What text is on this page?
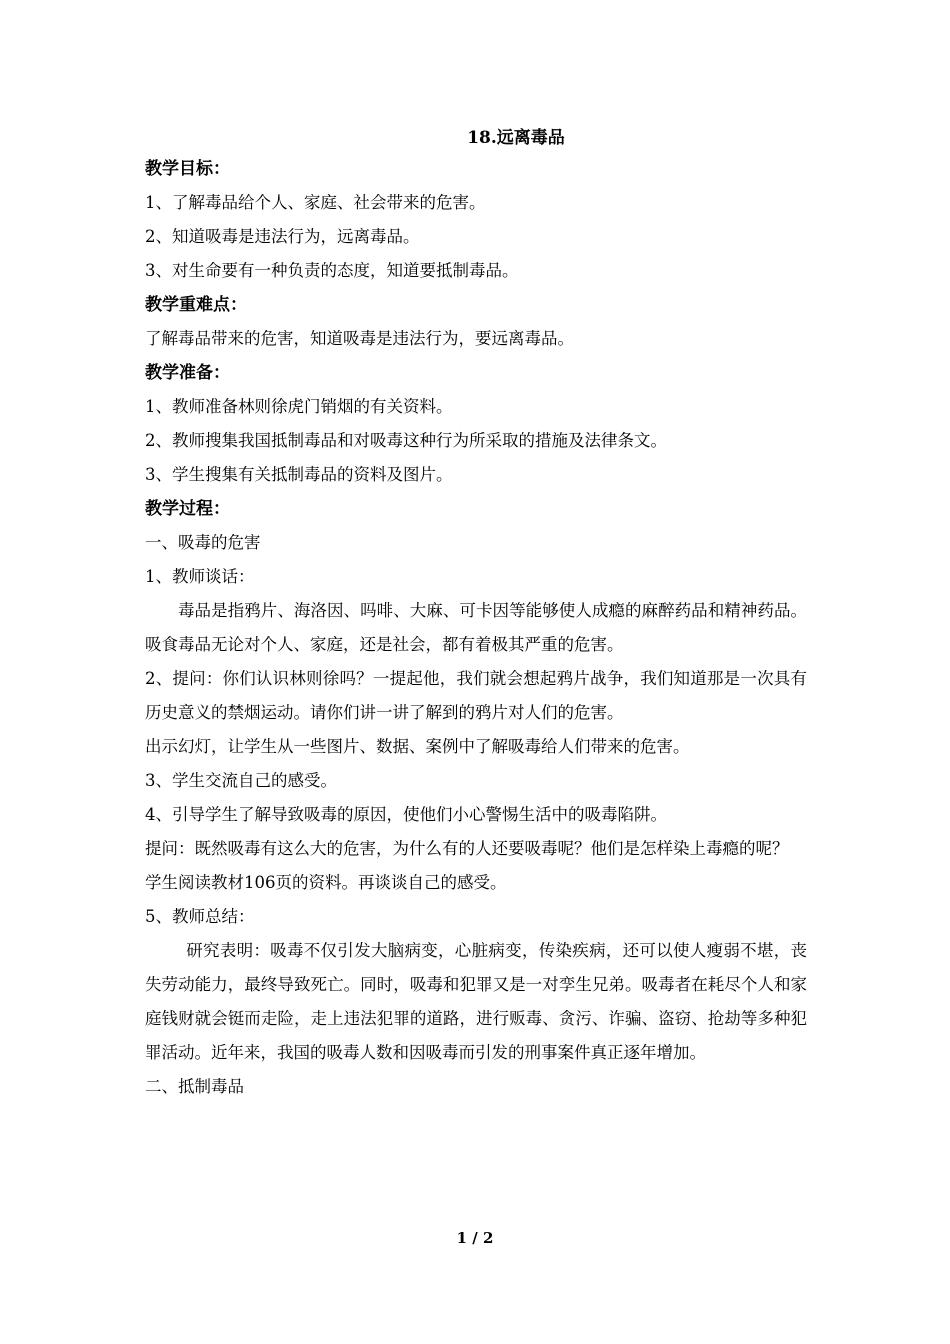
18.远离毒品
教学目标：
1、了解毒品给个人、家庭、社会带来的危害。
2、知道吸毒是违法行为，远离毒品。
3、对生命要有一种负责的态度，知道要抵制毒品。
教学重难点：
了解毒品带来的危害，知道吸毒是违法行为，要远离毒品。
教学准备：
1、教师准备林则徐虎门销烟的有关资料。
2、教师搜集我国抵制毒品和对吸毒这种行为所采取的措施及法律条文。
3、学生搜集有关抵制毒品的资料及图片。
教学过程：
一、吸毒的危害
1、教师谈话：
毒品是指鸦片、海洛因、吗啡、大麻、可卡因等能够使人成瘾的麻醉药品和精神药品。吸食毒品无论对个人、家庭，还是社会，都有着极其严重的危害。
2、提问：你们认识林则徐吗？一提起他，我们就会想起鸦片战争，我们知道那是一次具有历史意义的禁烟运动。请你们讲一讲了解到的鸦片对人们的危害。
出示幻灯，让学生从一些图片、数据、案例中了解吸毒给人们带来的危害。
3、学生交流自己的感受。
4、引导学生了解导致吸毒的原因，使他们小心警惕生活中的吸毒陷阱。
提问：既然吸毒有这么大的危害，为什么有的人还要吸毒呢？他们是怎样染上毒瘾的呢？
学生阅读教材106页的资料。再谈谈自己的感受。
5、教师总结：
研究表明：吸毒不仅引发大脑病变，心脏病变，传染疾病，还可以使人瘦弱不堪，丧失劳动能力，最终导致死亡。同时，吸毒和犯罪又是一对孪生兄弟。吸毒者在耗尽个人和家庭钱财就会铤而走险，走上违法犯罪的道路，进行贩毒、贪污、诈骗、盗窃、抢劫等多种犯罪活动。近年来，我国的吸毒人数和因吸毒而引发的刑事案件真正逐年增加。
二、抵制毒品
1 / 2
